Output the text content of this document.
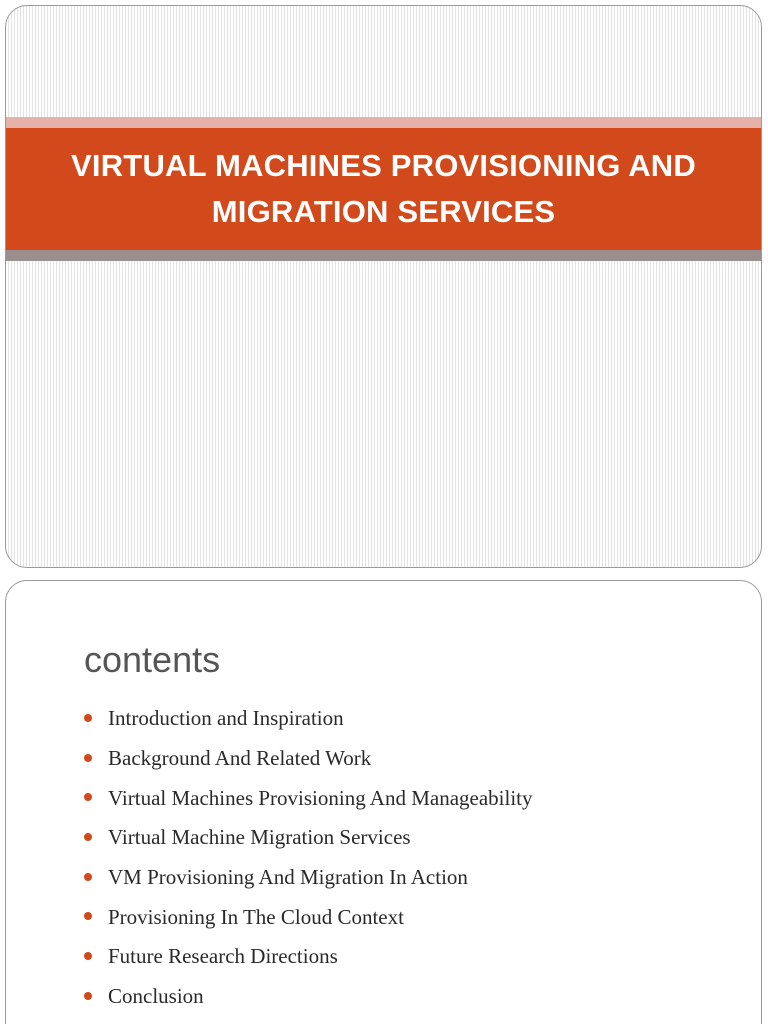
VIRTUAL MACHINES PROVISIONING AND
MIGRATION SERVICES
contents
Introduction and Inspiration
Background And Related Work
Virtual Machines Provisioning And Manageability
Virtual Machine Migration Services
VM Provisioning And Migration In Action
Provisioning In The Cloud Context
Future Research Directions
Conclusion
